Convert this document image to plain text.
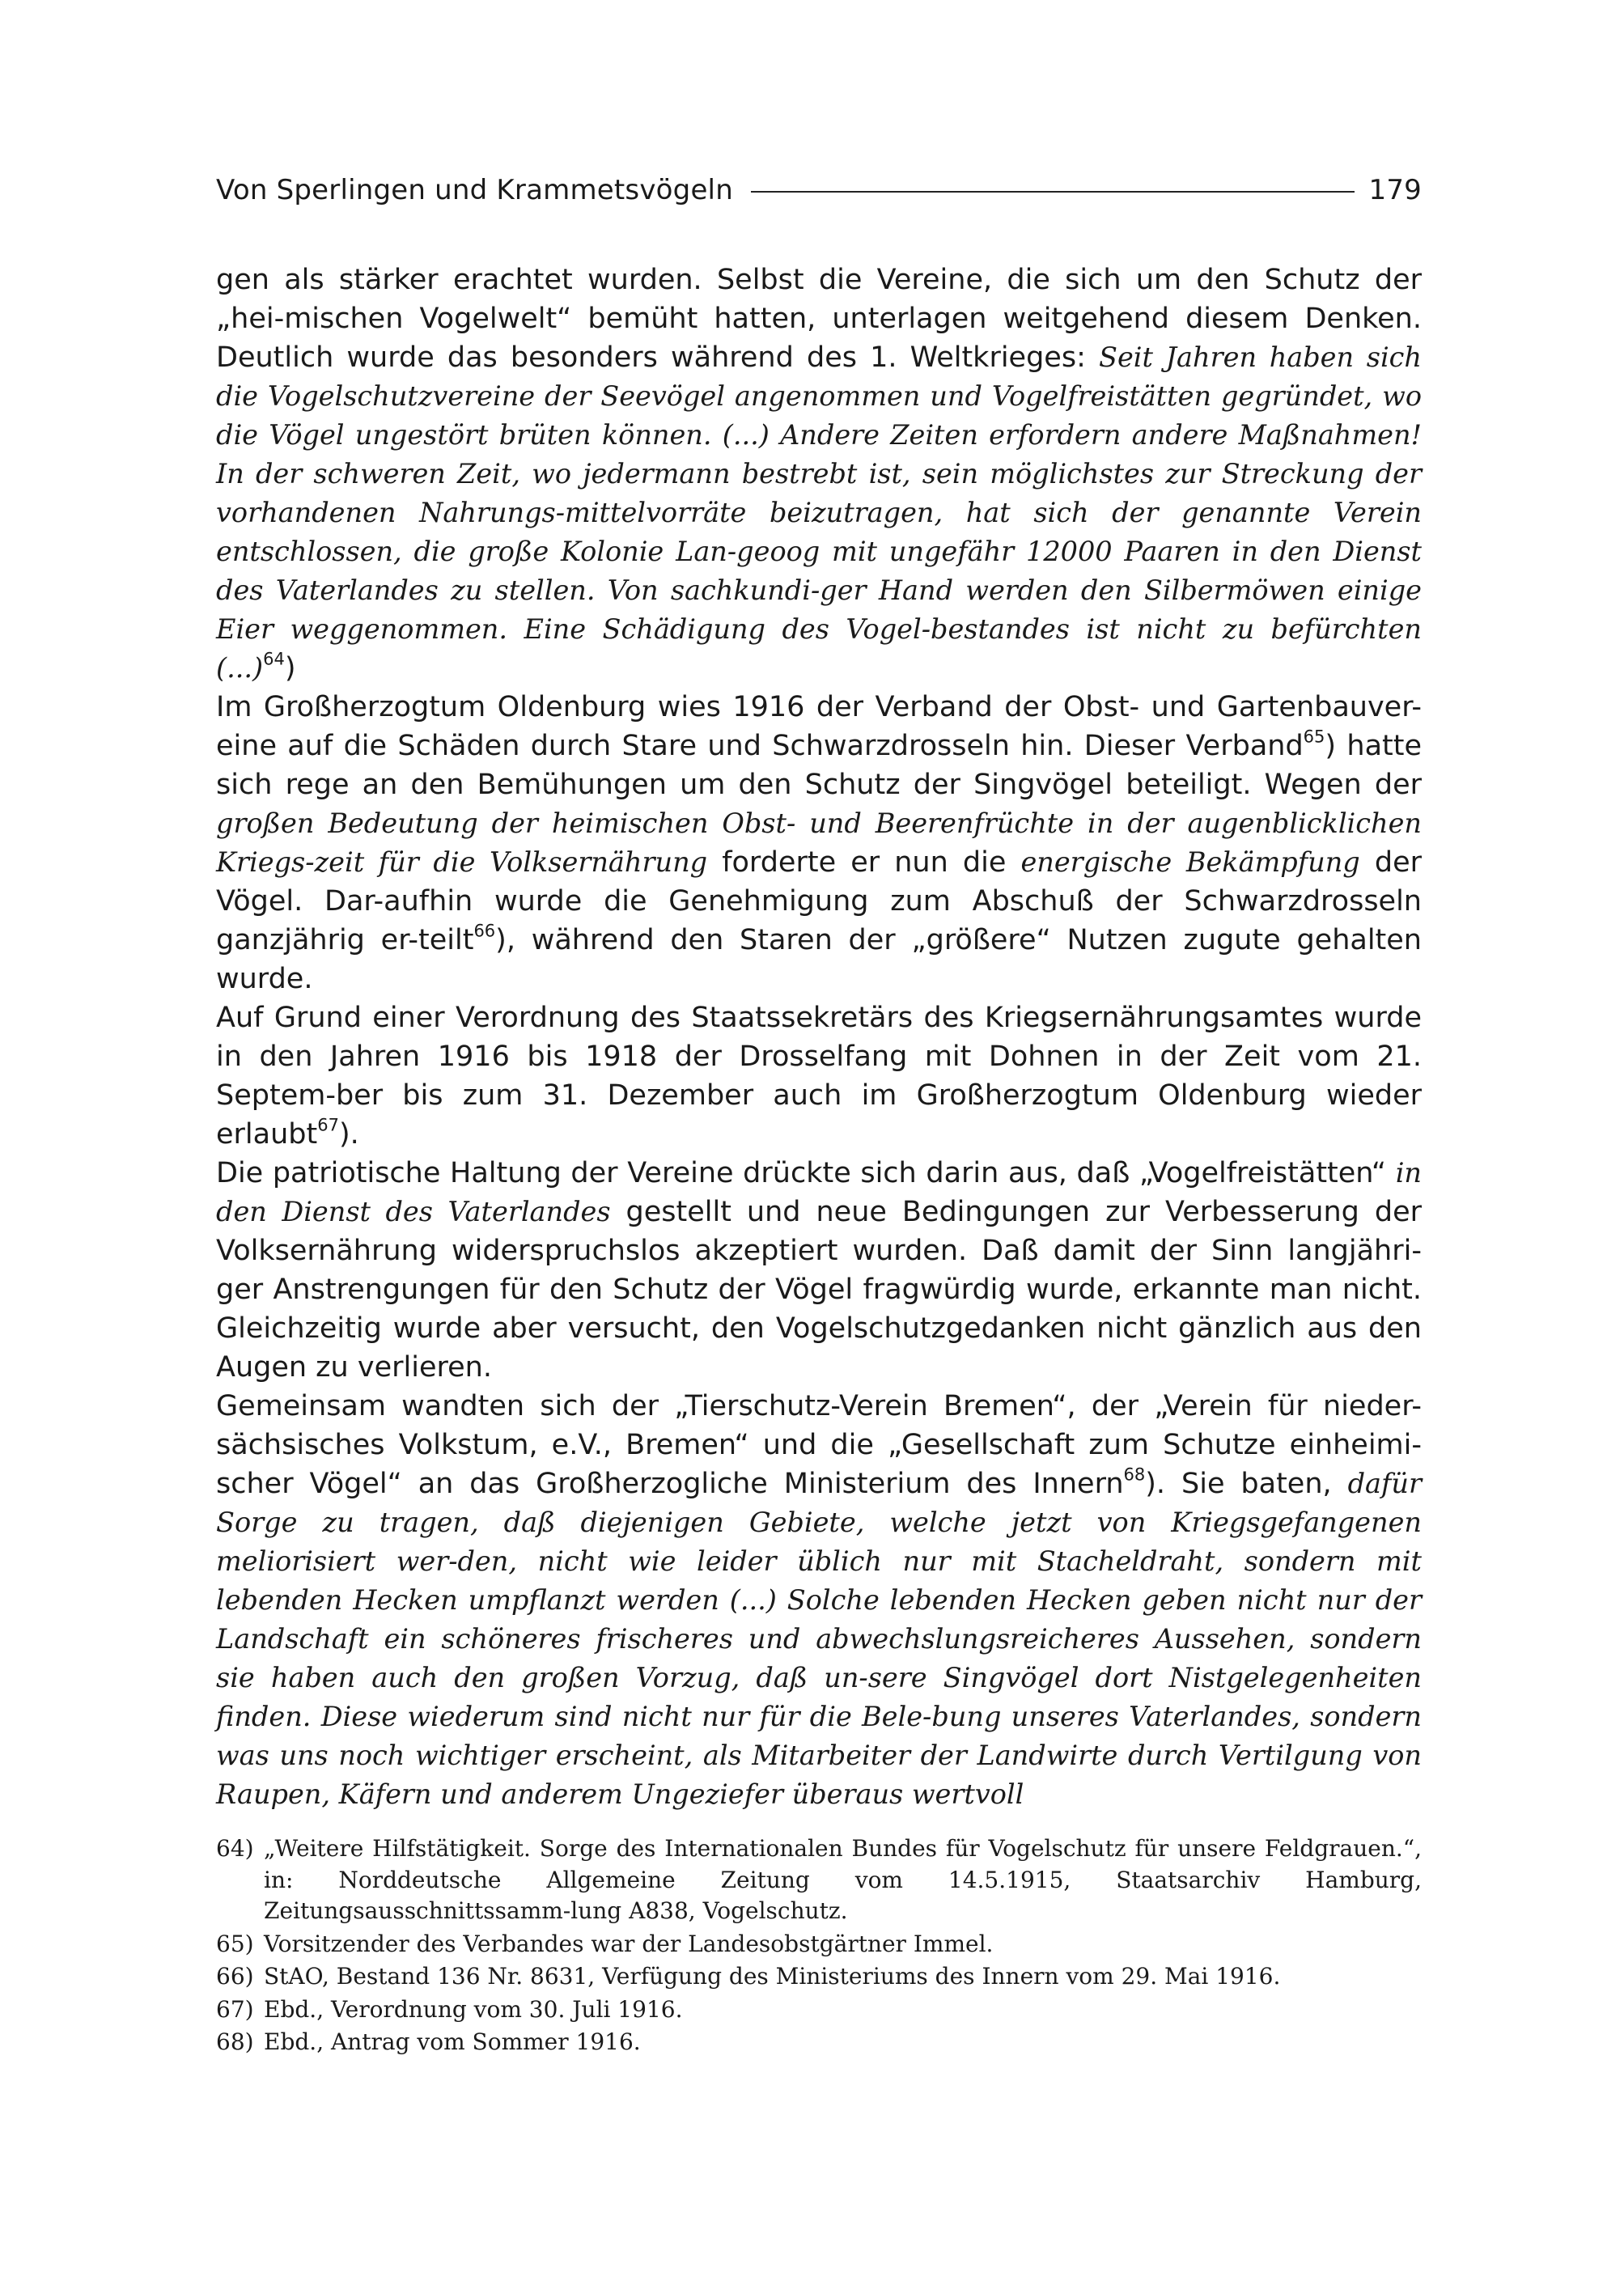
Von Sperlingen und Krammetsvögeln	179

gen als stärker erachtet wurden. Selbst die Vereine, die sich um den Schutz der „hei-mischen Vogelwelt“ bemüht hatten, unterlagen weitgehend diesem Denken. Deutlich wurde das besonders während des 1. Weltkrieges: Seit Jahren haben sich die Vogelschutzvereine der Seevögel angenommen und Vogelfreistätten gegründet, wo die Vögel ungestört brüten können. (...) Andere Zeiten erfordern andere Maßnahmen! In der schweren Zeit, wo jedermann bestrebt ist, sein möglichstes zur Streckung der vorhandenen Nahrungs-mittelvorräte beizutragen, hat sich der genannte Verein entschlossen, die große Kolonie Lan-geoog mit ungefähr 12000 Paaren in den Dienst des Vaterlandes zu stellen. Von sachkundi-ger Hand werden den Silbermöwen einige Eier weggenommen. Eine Schädigung des Vogel-bestandes ist nicht zu befürchten (...)$^{64}$)

Im Großherzogtum Oldenburg wies 1916 der Verband der Obst- und Gartenbauver-eine auf die Schäden durch Stare und Schwarzdrosseln hin. Dieser Verband$^{65}$) hatte sich rege an den Bemühungen um den Schutz der Singvögel beteiligt. Wegen der großen Bedeutung der heimischen Obst- und Beerenfrüchte in der augenblicklichen Kriegs-zeit für die Volksernährung forderte er nun die energische Bekämpfung der Vögel. Dar-aufhin wurde die Genehmigung zum Abschuß der Schwarzdrosseln ganzjährig er-teilt$^{66}$), während den Staren der „größere“ Nutzen zugute gehalten wurde.

Auf Grund einer Verordnung des Staatssekretärs des Kriegsernährungsamtes wurde in den Jahren 1916 bis 1918 der Drosselfang mit Dohnen in der Zeit vom 21. Septem-ber bis zum 31. Dezember auch im Großherzogtum Oldenburg wieder erlaubt$^{67}$).

Die patriotische Haltung der Vereine drückte sich darin aus, daß „Vogelfreistätten“ in den Dienst des Vaterlandes gestellt und neue Bedingungen zur Verbesserung der Volksernährung widerspruchslos akzeptiert wurden. Daß damit der Sinn langjähri-ger Anstrengungen für den Schutz der Vögel fragwürdig wurde, erkannte man nicht. Gleichzeitig wurde aber versucht, den Vogelschutzgedanken nicht gänzlich aus den Augen zu verlieren.

Gemeinsam wandten sich der „Tierschutz-Verein Bremen“, der „Verein für nieder-sächsisches Volkstum, e.V., Bremen“ und die „Gesellschaft zum Schutze einheimi-scher Vögel“ an das Großherzogliche Ministerium des Innern$^{68}$). Sie baten, dafür Sorge zu tragen, daß diejenigen Gebiete, welche jetzt von Kriegsgefangenen meliorisiert wer-den, nicht wie leider üblich nur mit Stacheldraht, sondern mit lebenden Hecken umpflanzt werden (...) Solche lebenden Hecken geben nicht nur der Landschaft ein schöneres frischeres und abwechslungsreicheres Aussehen, sondern sie haben auch den großen Vorzug, daß un-sere Singvögel dort Nistgelegenheiten finden. Diese wiederum sind nicht nur für die Bele-bung unseres Vaterlandes, sondern was uns noch wichtiger erscheint, als Mitarbeiter der Landwirte durch Vertilgung von Raupen, Käfern und anderem Ungeziefer überaus wertvoll

64) „Weitere Hilfstätigkeit. Sorge des Internationalen Bundes für Vogelschutz für unsere Feldgrauen.“, in: Norddeutsche Allgemeine Zeitung vom 14.5.1915, Staatsarchiv Hamburg, Zeitungsausschnittssamm-lung A838, Vogelschutz.
65) Vorsitzender des Verbandes war der Landesobstgärtner Immel.
66) StAO, Bestand 136 Nr. 8631, Verfügung des Ministeriums des Innern vom 29. Mai 1916.
67) Ebd., Verordnung vom 30. Juli 1916.
68) Ebd., Antrag vom Sommer 1916.
